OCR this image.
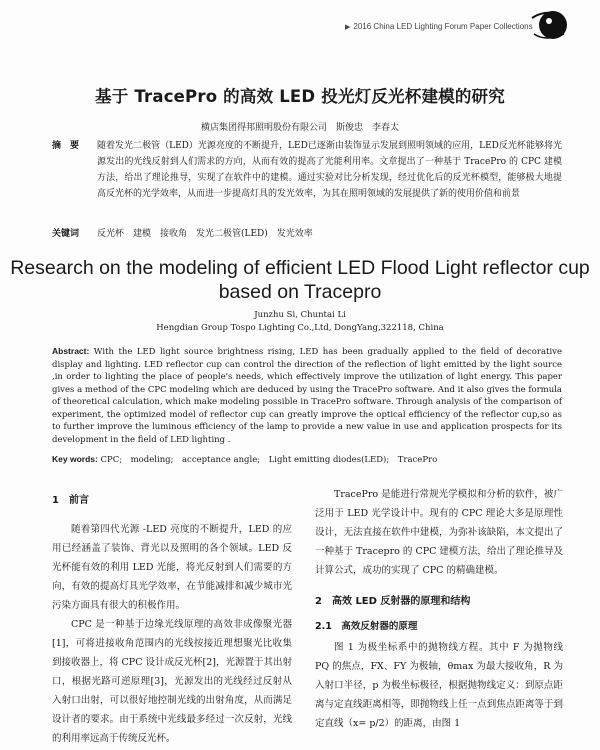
▶ 2016 China LED Lighting Forum Paper Collections
基于 TracePro 的高效 LED 投光灯反光杯建模的研究
横店集团得邦照明股份有限公司　斯俊忠　李春太
摘　要 随着发光二极管（LED）光源亮度的不断提升，LED已逐渐由装饰显示发展到照明领域的应用，LED反光杯能够将光源发出的光线反射到人们需求的方向，从而有效的提高了光能利用率。文章提出了一种基于 TracePro 的 CPC 建模方法，给出了理论推导，实现了在软件中的建模。通过实验对比分析发现，经过优化后的反光杯模型，能够极大地提高反光杯的光学效率，从而进一步提高灯具的发光效率，为其在照明领域的发展提供了新的使用价值和前景
关键词 反光杯　建模　接收角　发光二极管(LED)　发光效率
Research on the modeling of efficient LED Flood Light reflector cup based on Tracepro
Junzhu Si, Chuntai Li
Hengdian Group Tospo Lighting Co.,Ltd, DongYang,322118, China
Abstract: With the LED light source brightness rising, LED has been gradually applied to the field of decorative display and lighting. LED reflector cup can control the direction of the reflection of light emitted by the light source ,in order to lighting the place of people's needs, which effectively improve the utilization of light energy. This paper gives a method of the CPC modeling which are deduced by using the TracePro software. And it also gives the formula of theoretical calculation, which make modeling possible in TracePro software. Through analysis of the comparison of experiment, the optimized model of reflector cup can greatly improve the optical efficiency of the reflector cup,so as to further improve the luminous efficiency of the lamp to provide a new value in use and application prospects for its development in the field of LED lighting .
Key words: CPC;　modeling;　acceptance angle;　Light emitting diodes(LED);　TracePro
1　前言

随着第四代光源 -LED 亮度的不断提升，LED 的应用已经涵盖了装饰、背光以及照明的各个领域。LED 反光杯能有效的利用 LED 光能，将光反射到人们需要的方向，有效的提高灯具光学效率，在节能减排和减少城市光污染方面具有很大的积极作用。

CPC 是一种基于边缘光线原理的高效非成像聚光器[1]，可将进接收角范围内的光线按接近理想聚光比收集到接收器上，将 CPC 设计成反光杯[2]，光源置于其出射口，根据光路可逆原理[3]，光源发出的光线经过反射从入射口出射，可以很好地控制光线的出射角度，从而满足设计者的要求。由于系统中光线最多经过一次反射，光线的利用率远高于传统反光杯。

TracePro 是能进行常规光学模拟和分析的软件，被广泛用于 LED 光学设计中。现有的 CPC 理论大多是原理性设计，无法直接在软件中建模，为弥补该缺陷，本文提出了一种基于 Tracepro 的 CPC 建模方法，给出了理论推导及计算公式，成功的实现了 CPC 的精确建模。

2　高效 LED 反射器的原理和结构
2.1　高效反射器的原理

图 1 为极坐标系中的抛物线方程。其中 F 为抛物线 PQ 的焦点，FX、FY 为极轴，θmax 为最大接收角，R 为入射口半径，p 为极坐标极径，根据抛物线定义：到原点距离与定直线距离相等，即抛物线上任一点到焦点距离等于到定直线（x= p/2）的距离，由图 1
